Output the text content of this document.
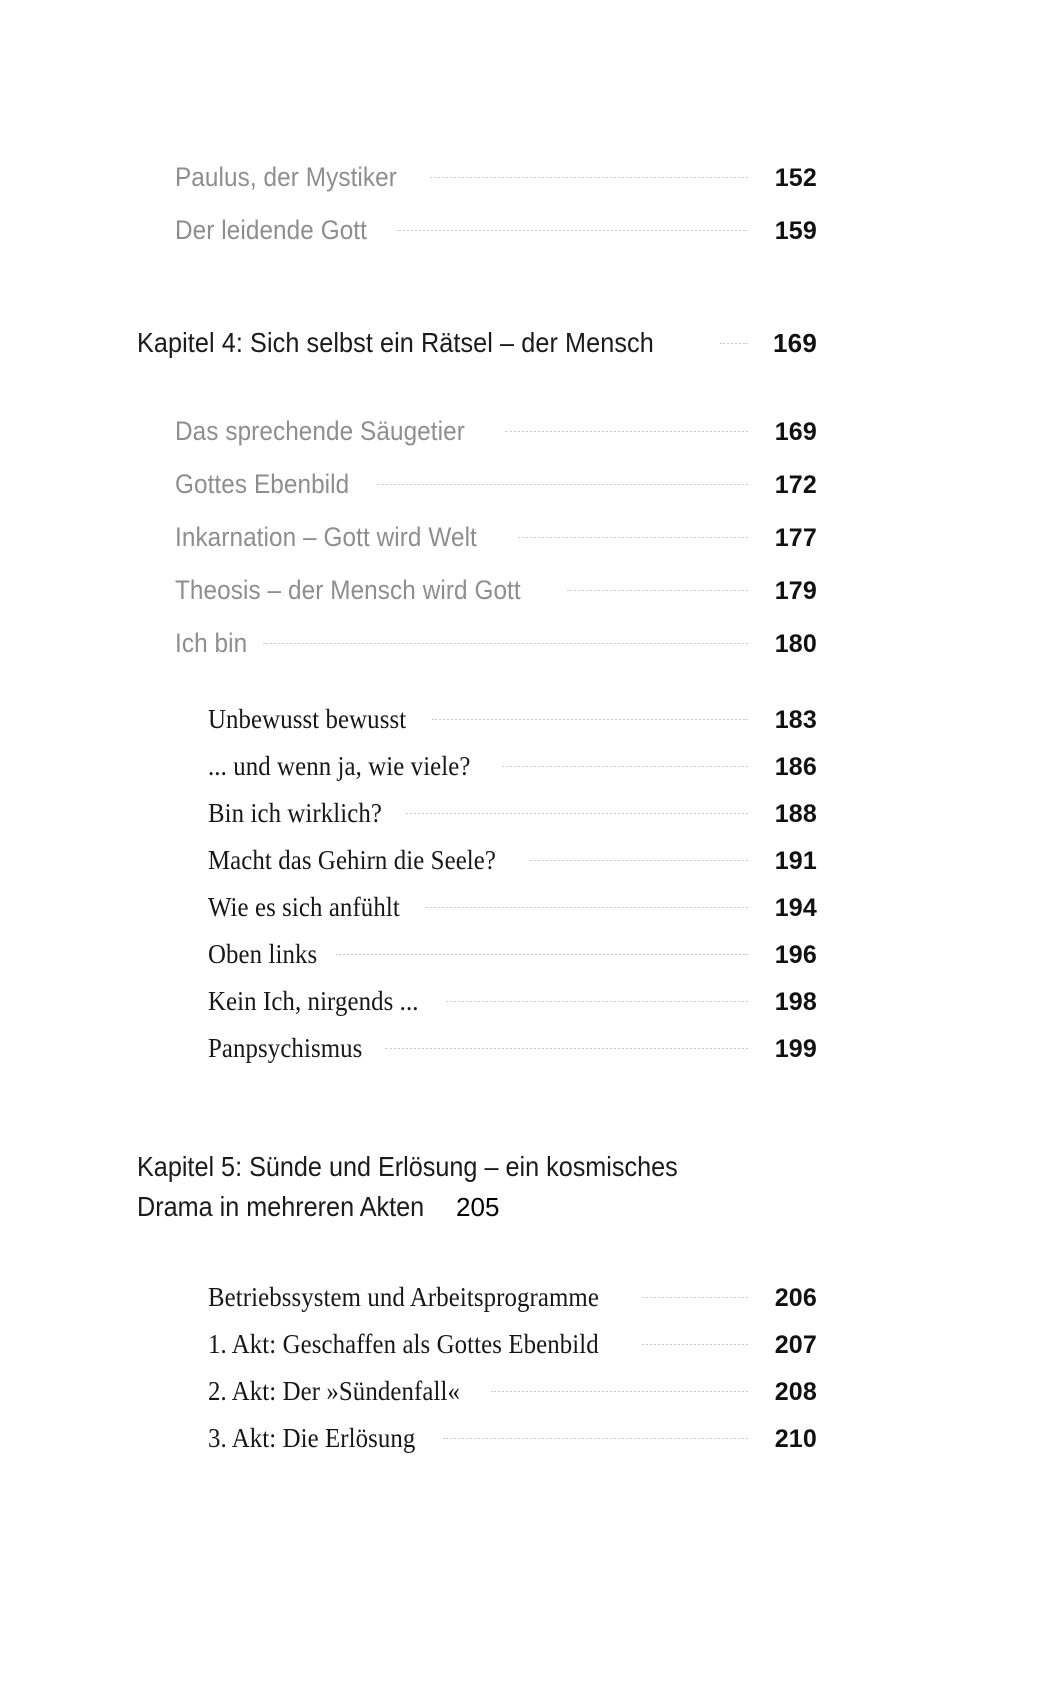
Paulus, der Mystiker	152
Der leidende Gott	159
Kapitel 4: Sich selbst ein Rätsel – der Mensch	169
Das sprechende Säugetier	169
Gottes Ebenbild	172
Inkarnation – Gott wird Welt	177
Theosis – der Mensch wird Gott	179
Ich bin	180
Unbewusst bewusst	183
... und wenn ja, wie viele?	186
Bin ich wirklich?	188
Macht das Gehirn die Seele?	191
Wie es sich anfühlt	194
Oben links	196
Kein Ich, nirgends ...	198
Panpsychismus	199
Kapitel 5: Sünde und Erlösung – ein kosmisches
Drama in mehreren Akten 205
Betriebssystem und Arbeitsprogramme	206
1. Akt: Geschaffen als Gottes Ebenbild	207
2. Akt: Der »Sündenfall«	208
3. Akt: Die Erlösung	210
